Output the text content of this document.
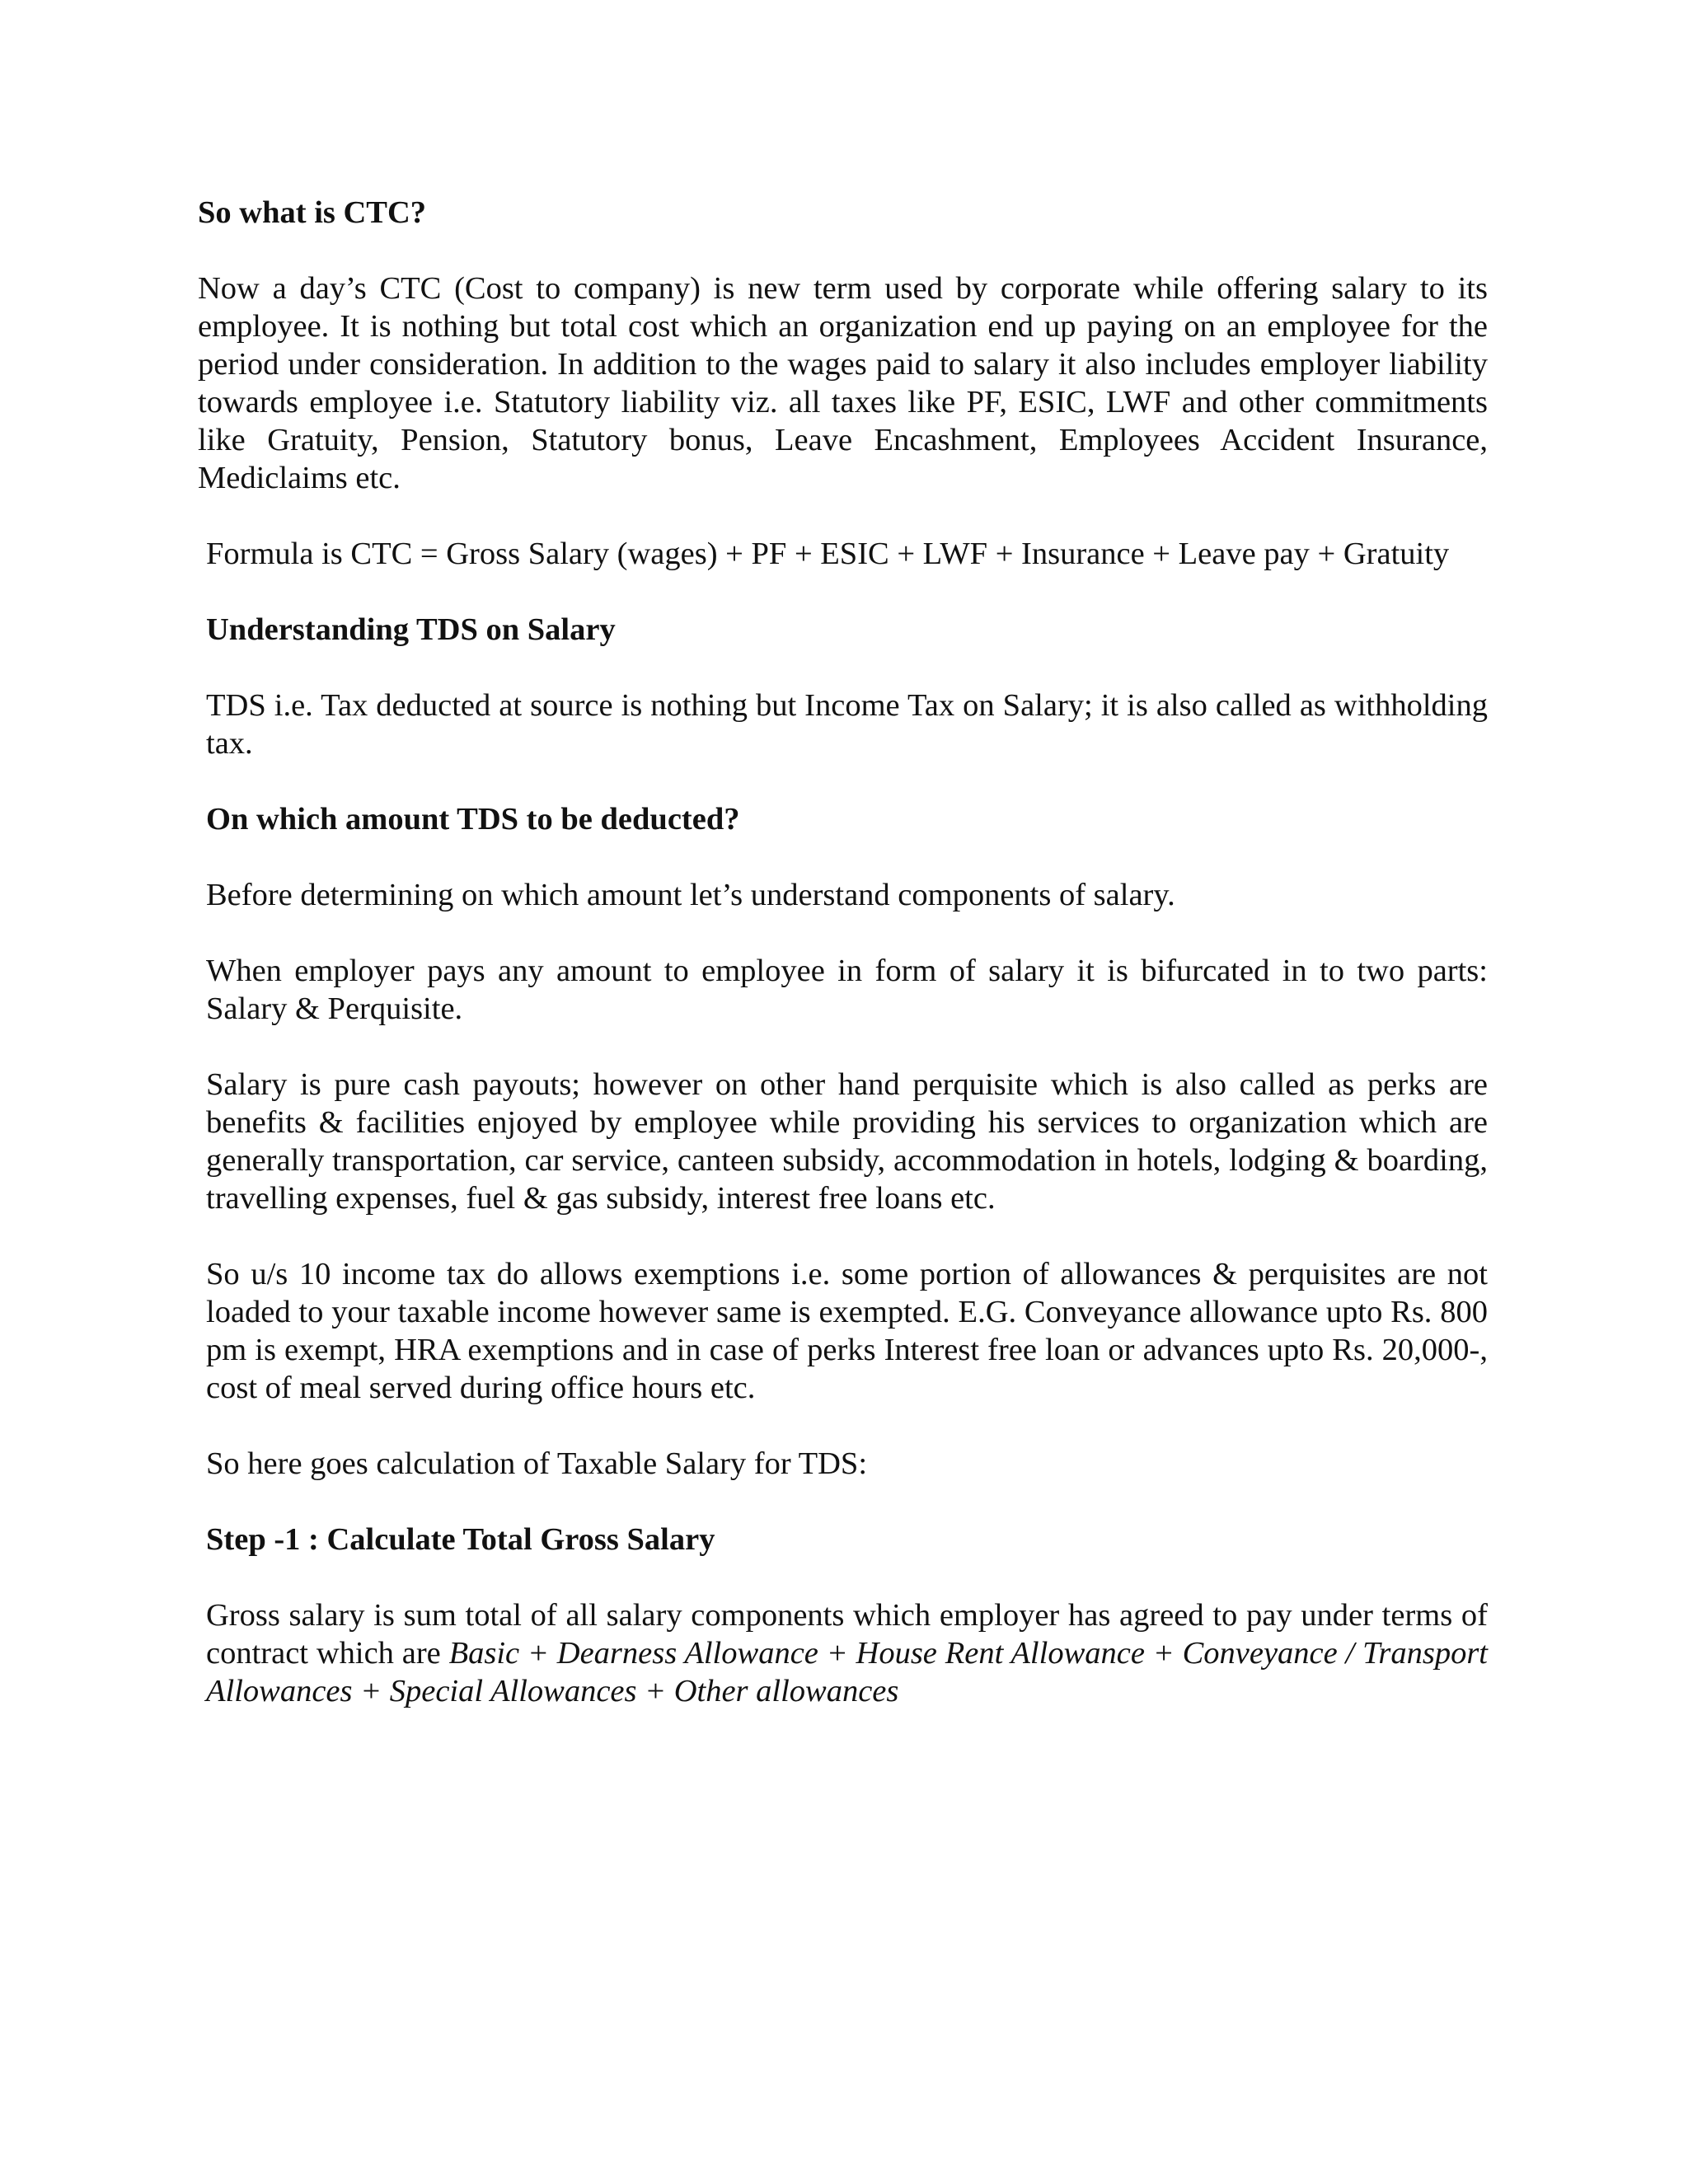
So what is CTC?
Now a day’s CTC (Cost to company) is new term used by corporate while offering salary to its employee. It is nothing but total cost which an organization end up paying on an employee for the period under consideration. In addition to the wages paid to salary it also includes employer liability towards employee i.e. Statutory liability viz. all taxes like PF, ESIC, LWF and other commitments like Gratuity, Pension, Statutory bonus, Leave Encashment, Employees Accident Insurance, Mediclaims etc.
Formula is CTC = Gross Salary (wages) + PF + ESIC + LWF + Insurance + Leave pay + Gratuity
Understanding TDS on Salary
TDS i.e. Tax deducted at source is nothing but Income Tax on Salary; it is also called as withholding tax.
On which amount TDS to be deducted?
Before determining on which amount let’s understand components of salary.
When employer pays any amount to employee in form of salary it is bifurcated in to two parts: Salary & Perquisite.
Salary is pure cash payouts; however on other hand perquisite which is also called as perks are benefits & facilities enjoyed by employee while providing his services to organization which are generally transportation, car service, canteen subsidy, accommodation in hotels, lodging & boarding, travelling expenses, fuel & gas subsidy, interest free loans etc.
So u/s 10 income tax do allows exemptions i.e. some portion of allowances & perquisites are not loaded to your taxable income however same is exempted. E.G. Conveyance allowance upto Rs. 800 pm is exempt, HRA exemptions and in case of perks Interest free loan or advances upto Rs. 20,000-, cost of meal served during office hours etc.
So here goes calculation of Taxable Salary for TDS:
Step -1 : Calculate Total Gross Salary
Gross salary is sum total of all salary components which employer has agreed to pay under terms of contract which are Basic + Dearness Allowance + House Rent Allowance + Conveyance / Transport Allowances + Special Allowances + Other allowances
